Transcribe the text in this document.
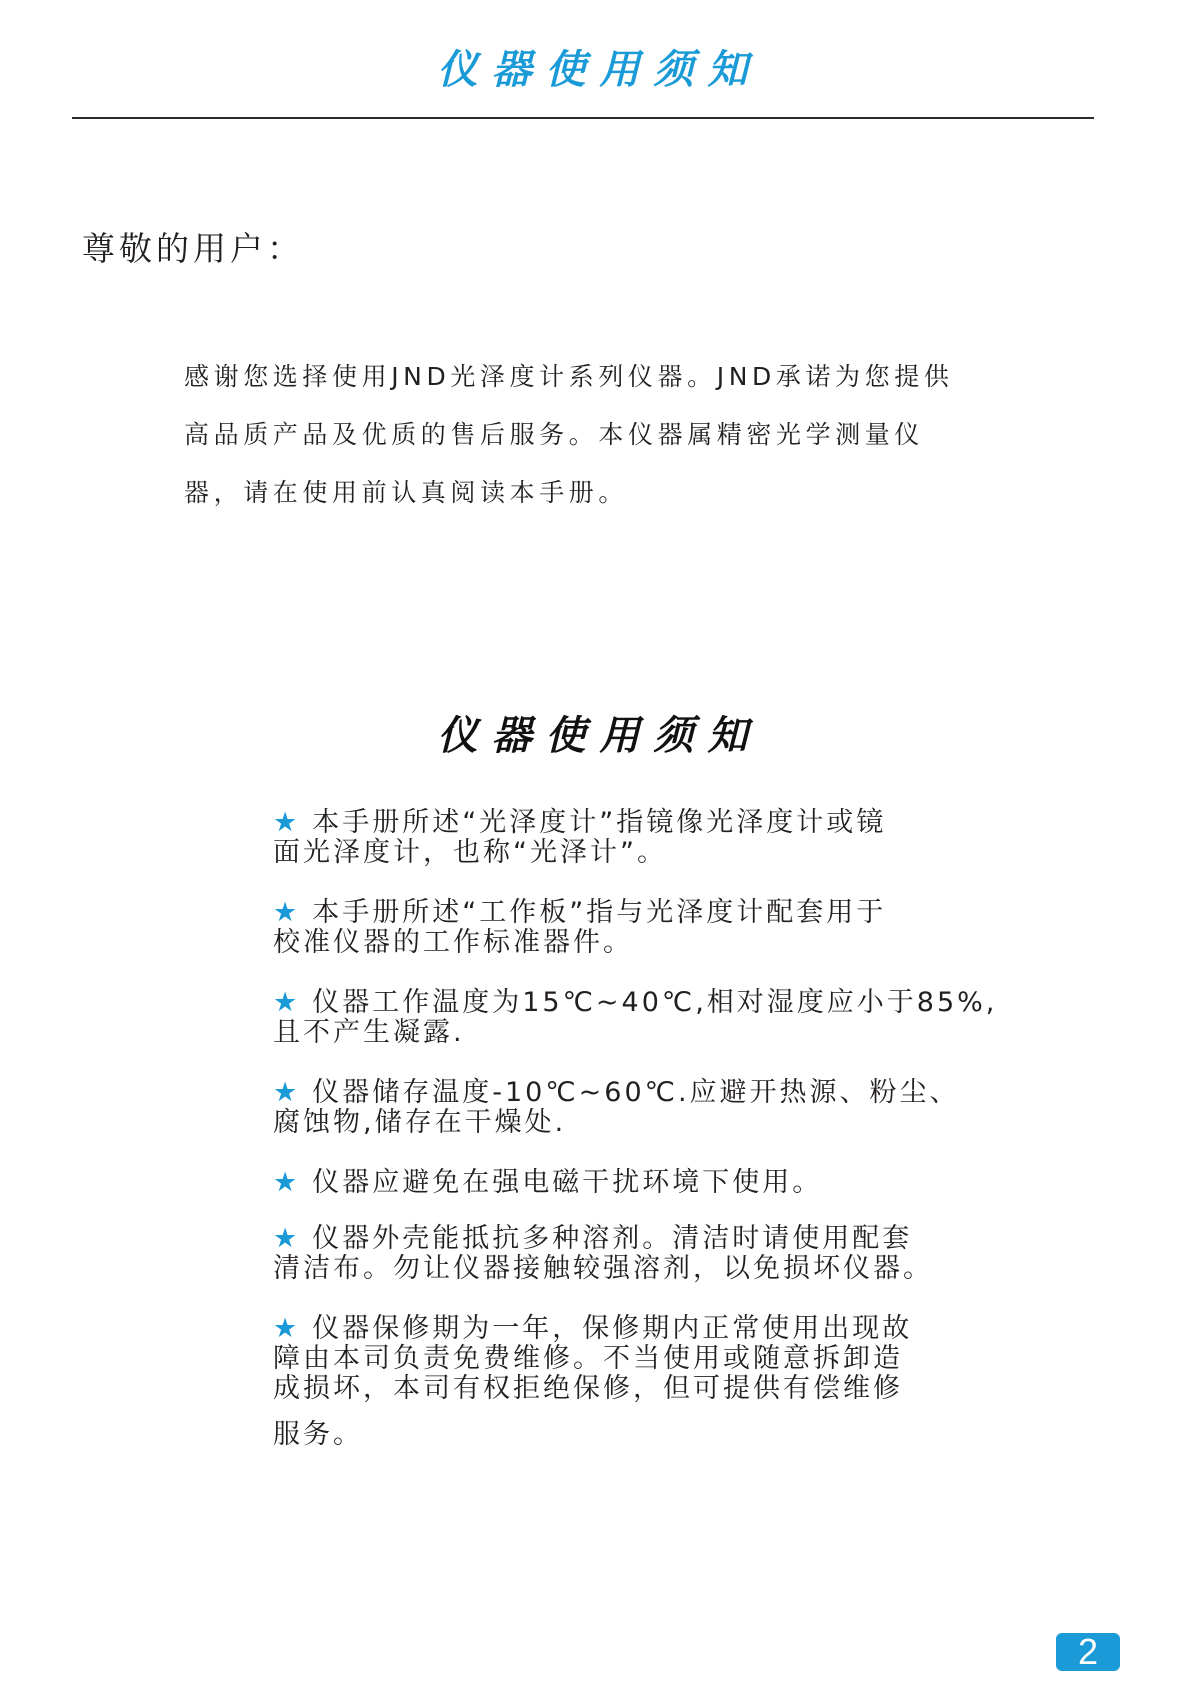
仪器使用须知
尊敬的用户：

感谢您选择使用JND光泽度计系列仪器。JND承诺为您提供

高品质产品及优质的售后服务。本仪器属精密光学测量仪

器，请在使用前认真阅读本手册。

仪器使用须知
★ 本手册所述“光泽度计”指镜像光泽度计或镜
面光泽度计，也称“光泽计”。
★ 本手册所述“工作板”指与光泽度计配套用于
校准仪器的工作标准器件。
★ 仪器工作温度为15℃~40℃,相对湿度应小于85%,
且不产生凝露.
★ 仪器储存温度-10℃~60℃.应避开热源、粉尘、
腐蚀物,储存在干燥处.
★ 仪器应避免在强电磁干扰环境下使用。
★ 仪器外壳能抵抗多种溶剂。清洁时请使用配套
清洁布。勿让仪器接触较强溶剂，以免损坏仪器。
★ 仪器保修期为一年，保修期内正常使用出现故
障由本司负责免费维修。不当使用或随意拆卸造
成损坏，本司有权拒绝保修，但可提供有偿维修
服务。
2
